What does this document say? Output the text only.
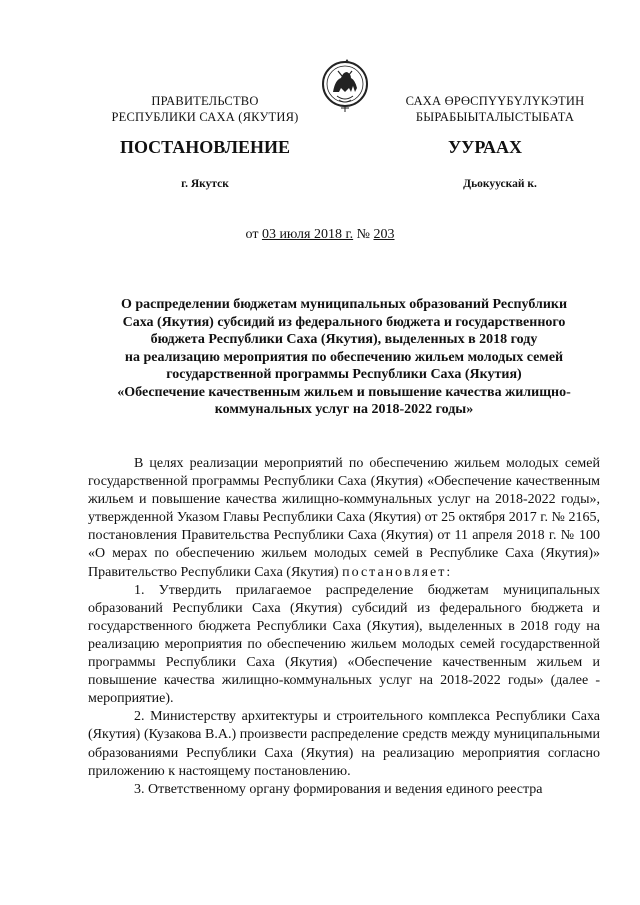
ПРАВИТЕЛЬСТВО
РЕСПУБЛИКИ САХА (ЯКУТИЯ)
САХА ӨРӨСПҮҮБҮЛҮКЭТИН
БЫРАБЫЫТАЛЫСТЫБАТА
ПОСТАНОВЛЕНИЕ	УУРААХ
г. Якутск	Дьокуускай к.
от 03 июля 2018 г. № 203
О распределении бюджетам муниципальных образований Республики
Саха (Якутия) субсидий из федерального бюджета и государственного
бюджета Республики Саха (Якутия), выделенных в 2018 году
на реализацию мероприятия по обеспечению жильем молодых семей
государственной программы Республики Саха (Якутия)
«Обеспечение качественным жильем и повышение качества жилищно-
коммунальных услуг на 2018-2022 годы»

В целях реализации мероприятий по обеспечению жильем молодых семей государственной программы Республики Саха (Якутия) «Обеспечение качественным жильем и повышение качества жилищно-коммунальных услуг на 2018-2022 годы», утвержденной Указом Главы Республики Саха (Якутия) от 25 октября 2017 г. № 2165, постановления Правительства Республики Саха (Якутия) от 11 апреля 2018 г. № 100 «О мерах по обеспечению жильем молодых семей в Республике Саха (Якутия)» Правительство Республики Саха (Якутия) постановляет:

1. Утвердить прилагаемое распределение бюджетам муниципальных образований Республики Саха (Якутия) субсидий из федерального бюджета и государственного бюджета Республики Саха (Якутия), выделенных в 2018 году на реализацию мероприятия по обеспечению жильем молодых семей государственной программы Республики Саха (Якутия) «Обеспечение качественным жильем и повышение качества жилищно-коммунальных услуг на 2018-2022 годы» (далее - мероприятие).

2. Министерству архитектуры и строительного комплекса Республики Саха (Якутия) (Кузакова В.А.) произвести распределение средств между муниципальными образованиями Республики Саха (Якутия) на реализацию мероприятия согласно приложению к настоящему постановлению.

3. Ответственному органу формирования и ведения единого реестра
